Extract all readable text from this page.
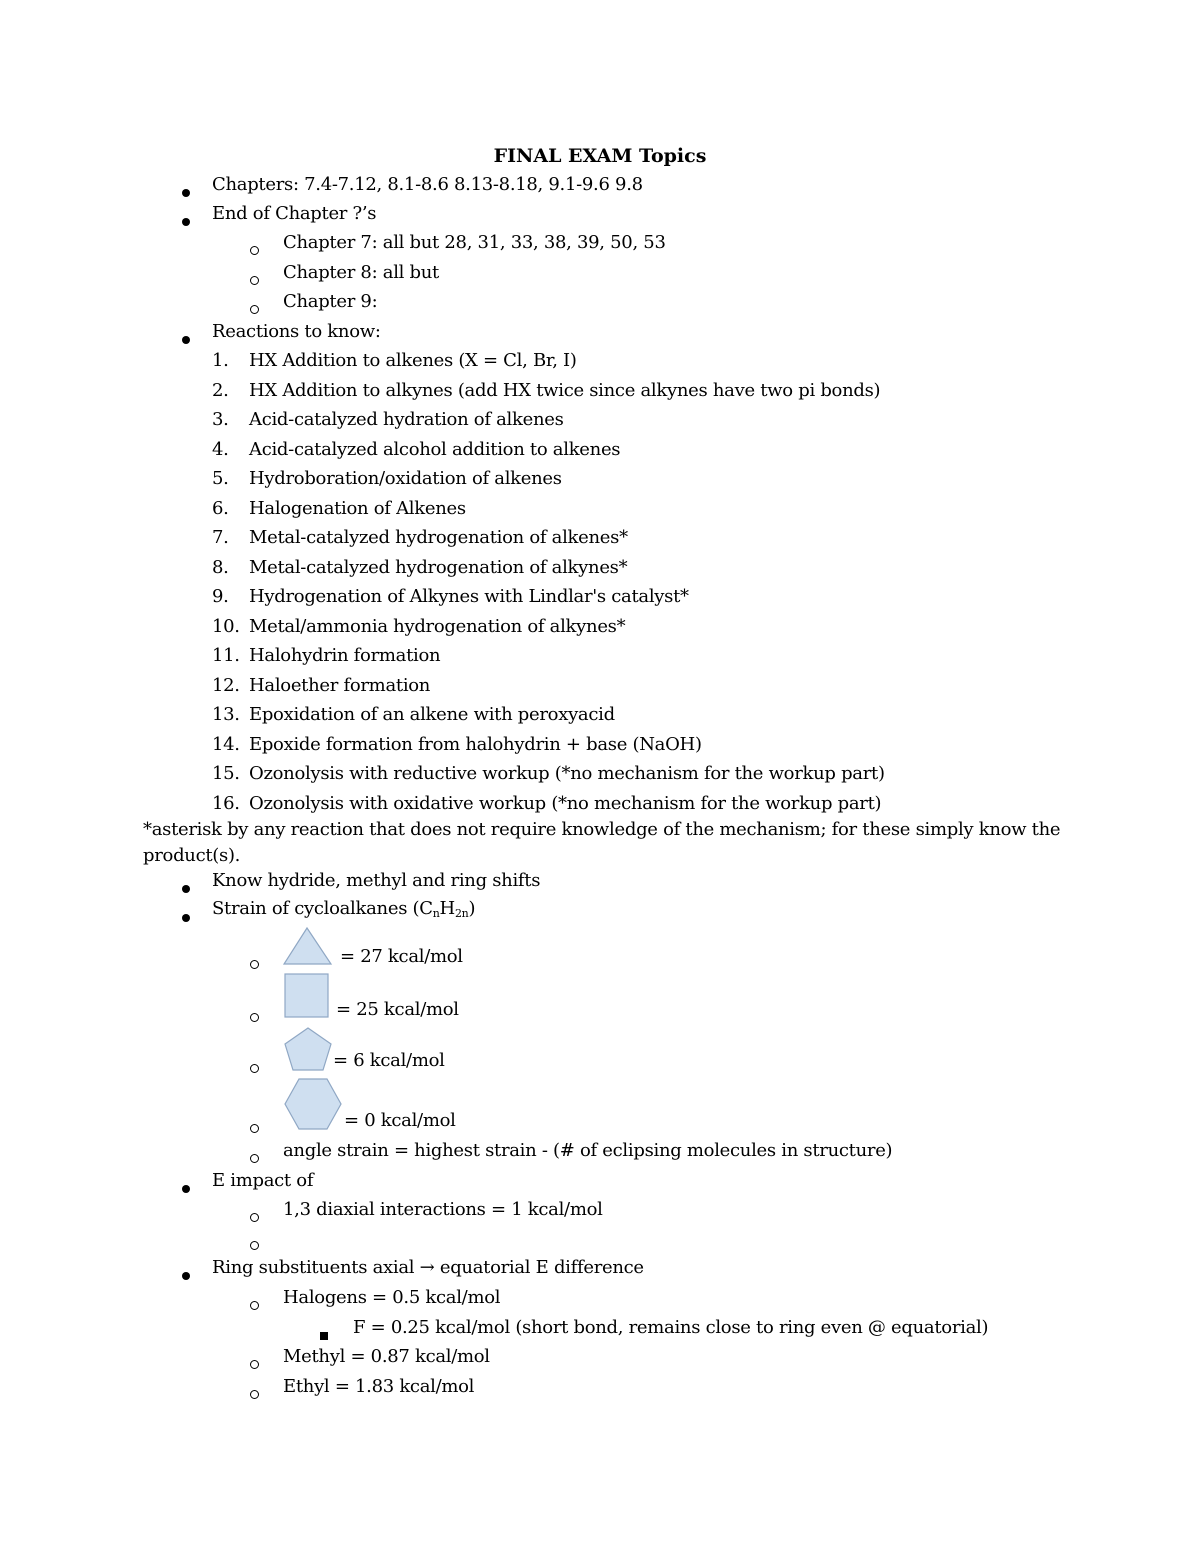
FINAL EXAM Topics
Chapters: 7.4-7.12, 8.1-8.6 8.13-8.18, 9.1-9.6 9.8
End of Chapter ?’s
Chapter 7: all but 28, 31, 33, 38, 39, 50, 53
Chapter 8: all but
Chapter 9:
Reactions to know:
1.	HX Addition to alkenes (X = Cl, Br, I)
2.	HX Addition to alkynes (add HX twice since alkynes have two pi bonds)
3.	Acid-catalyzed hydration of alkenes
4.	Acid-catalyzed alcohol addition to alkenes
5.	Hydroboration/oxidation of alkenes
6.	Halogenation of Alkenes
7.	Metal-catalyzed hydrogenation of alkenes*
8.	Metal-catalyzed hydrogenation of alkynes*
9.	Hydrogenation of Alkynes with Lindlar's catalyst*
10. Metal/ammonia hydrogenation of alkynes*
11. Halohydrin formation
12. Haloether formation
13. Epoxidation of an alkene with peroxyacid
14. Epoxide formation from halohydrin + base (NaOH)
15. Ozonolysis with reductive workup (*no mechanism for the workup part)
16. Ozonolysis with oxidative workup (*no mechanism for the workup part)
*asterisk by any reaction that does not require knowledge of the mechanism; for these simply know the product(s).
Know hydride, methyl and ring shifts
Strain of cycloalkanes $(C_nH_{2n})$
= 27 kcal/mol
= 25 kcal/mol
= 6 kcal/mol
= 0 kcal/mol
angle strain = highest strain - (# of eclipsing molecules in structure)
E impact of
1,3 diaxial interactions = 1 kcal/mol
Ring substituents axial → equatorial E difference
Halogens = 0.5 kcal/mol
F = 0.25 kcal/mol (short bond, remains close to ring even @ equatorial)
Methyl = 0.87 kcal/mol
Ethyl = 1.83 kcal/mol
